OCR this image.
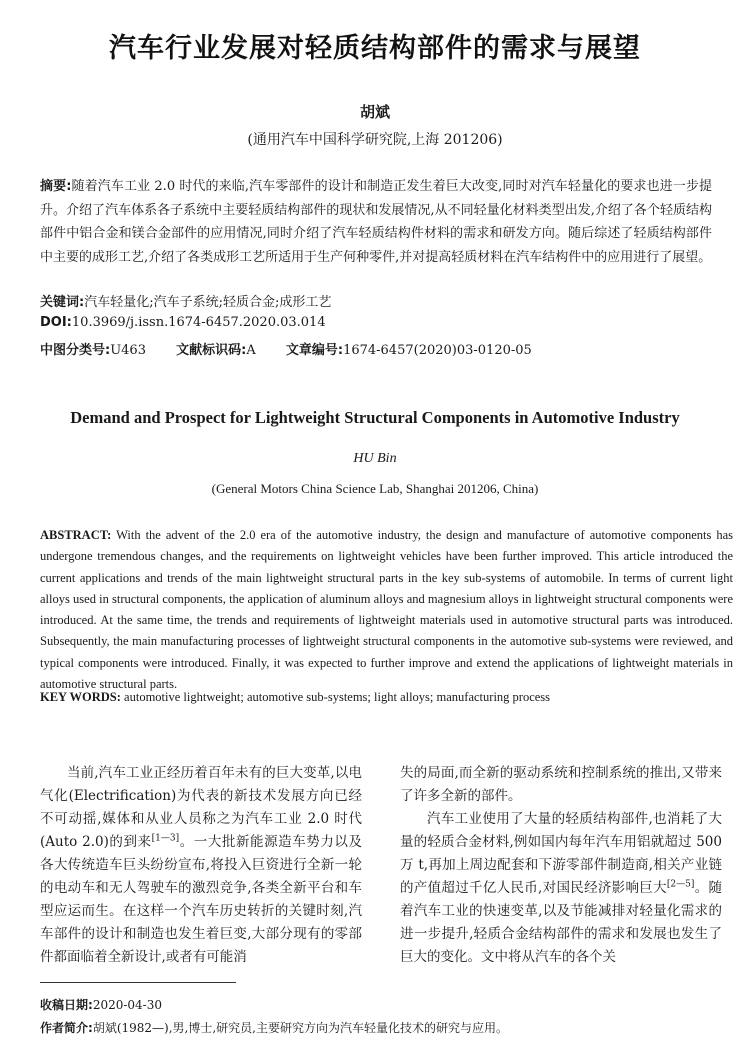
汽车行业发展对轻质结构部件的需求与展望
胡斌
(通用汽车中国科学研究院,上海 201206)
摘要:随着汽车工业 2.0 时代的来临,汽车零部件的设计和制造正发生着巨大改变,同时对汽车轻量化的要求也进一步提升。介绍了汽车体系各子系统中主要轻质结构部件的现状和发展情况,从不同轻量化材料类型出发,介绍了各个轻质结构部件中铝合金和镁合金部件的应用情况,同时介绍了汽车轻质结构件材料的需求和研发方向。随后综述了轻质结构部件中主要的成形工艺,介绍了各类成形工艺所适用于生产何种零件,并对提高轻质材料在汽车结构件中的应用进行了展望。
关键词:汽车轻量化;汽车子系统;轻质合金;成形工艺
DOI:10.3969/j.issn.1674-6457.2020.03.014
中图分类号:U463 文献标识码:A 文章编号:1674-6457(2020)03-0120-05
Demand and Prospect for Lightweight Structural Components in Automotive Industry
HU Bin
(General Motors China Science Lab, Shanghai 201206, China)
ABSTRACT: With the advent of the 2.0 era of the automotive industry, the design and manufacture of automotive components has undergone tremendous changes, and the requirements on lightweight vehicles have been further improved. This article introduced the current applications and trends of the main lightweight structural parts in the key sub-systems of automobile. In terms of current light alloys used in structural components, the application of aluminum alloys and magnesium alloys in lightweight structural components were introduced. At the same time, the trends and requirements of lightweight materials used in automotive structural parts was introduced. Subsequently, the main manufacturing processes of lightweight structural components in the automotive sub-systems were reviewed, and typical components were introduced. Finally, it was expected to further improve and extend the applications of lightweight materials in automotive structural parts.
KEY WORDS: automotive lightweight; automotive sub-systems; light alloys; manufacturing process

当前,汽车工业正经历着百年未有的巨大变革,以电气化(Electrification)为代表的新技术发展方向已经不可动摇,媒体和从业人员称之为汽车工业 2.0 时代(Auto 2.0)的到来[1—3]。一大批新能源造车势力以及各大传统造车巨头纷纷宣布,将投入巨资进行全新一轮的电动车和无人驾驶车的激烈竞争,各类全新平台和车型应运而生。在这样一个汽车历史转折的关键时刻,汽车部件的设计和制造也发生着巨变,大部分现有的零部件都面临着全新设计,或者有可能消

失的局面,而全新的驱动系统和控制系统的推出,又带来了许多全新的部件。

汽车工业使用了大量的轻质结构部件,也消耗了大量的轻质合金材料,例如国内每年汽车用铝就超过 500 万 t,再加上周边配套和下游零部件制造商,相关产业链的产值超过千亿人民币,对国民经济影响巨大[2—5]。随着汽车工业的快速变革,以及节能减排对轻量化需求的进一步提升,轻质合金结构部件的需求和发展也发生了巨大的变化。文中将从汽车的各个关

收稿日期:2020-04-30
作者简介:胡斌(1982—),男,博士,研究员,主要研究方向为汽车轻量化技术的研究与应用。
